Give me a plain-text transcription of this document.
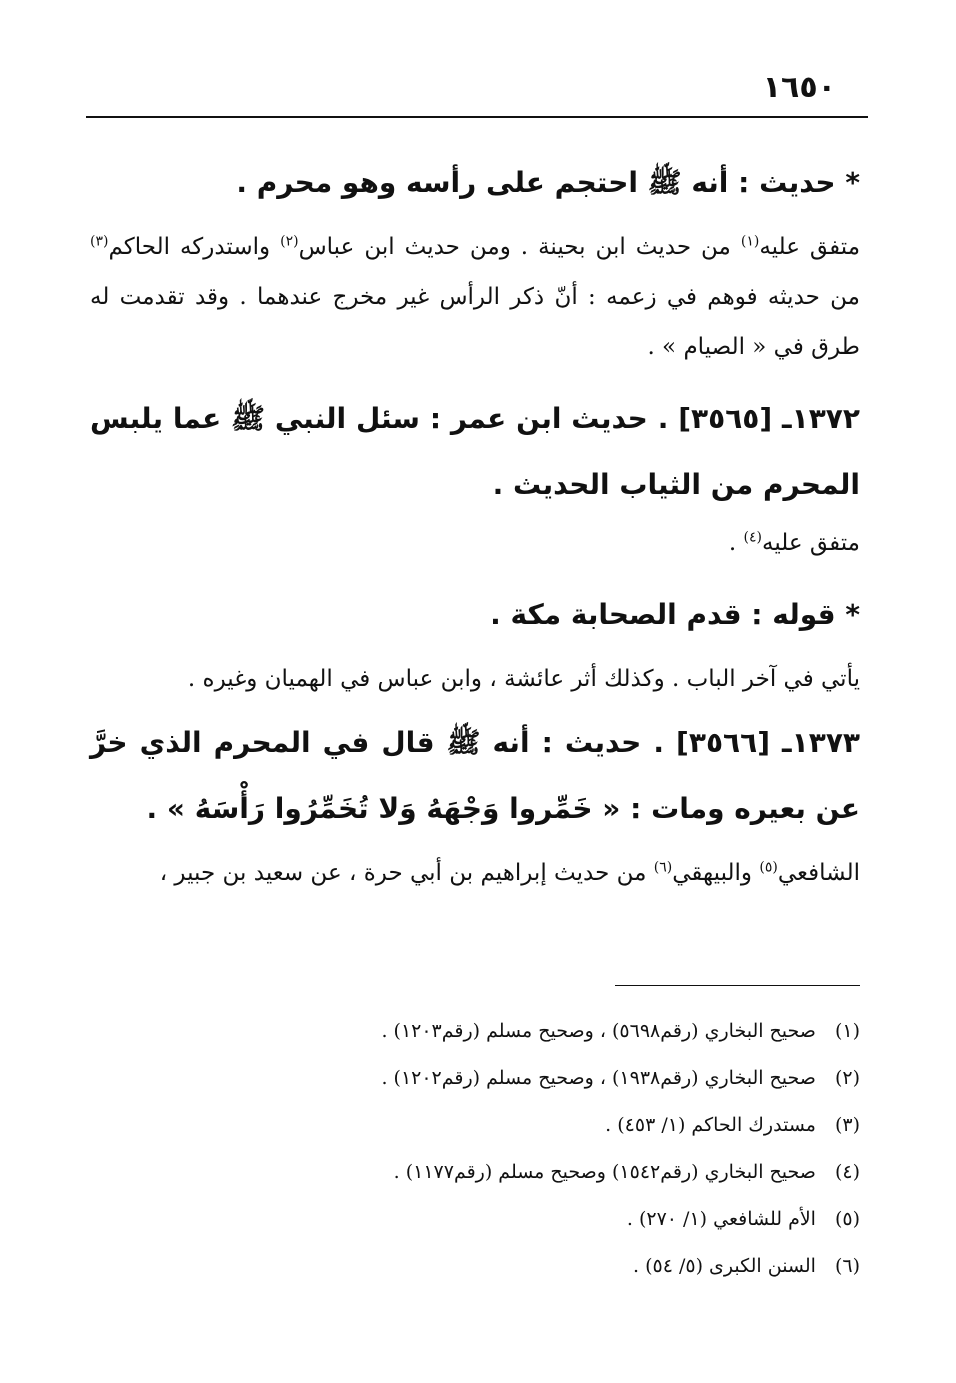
١٦٥٠

* حديث : أنه ﷺ احتجم على رأسه وهو محرم .

متفق عليه$^{(١)}$ من حديث ابن بحينة . ومن حديث ابن عباس$^{(٢)}$ واستدركه الحاكم$^{(٣)}$ من حديثه فوهم في زعمه : أنّ ذكر الرأس غير مخرج عندهما . وقد تقدمت له طرق في « الصيام » .

١٣٧٢ـ [٣٥٦٥] . حديث ابن عمر : سئل النبي ﷺ عما يلبس المحرم من الثياب الحديث .

متفق عليه$^{(٤)}$ .

* قوله : قدم الصحابة مكة .

يأتي في آخر الباب . وكذلك أثر عائشة ، وابن عباس في الهميان وغيره .

١٣٧٣ـ [٣٥٦٦] . حديث : أنه ﷺ قال في المحرم الذي خرَّ عن بعيره ومات : « خَمِّروا وَجْهَهُ وَلا تُخَمِّرُوا رَأْسَهُ » .

الشافعي$^{(٥)}$ والبيهقي$^{(٦)}$ من حديث إبراهيم بن أبي حرة ، عن سعيد بن جبير ،

(١) صحيح البخاري (رقم٥٦٩٨) ، وصحيح مسلم (رقم١٢٠٣) .
(٢) صحيح البخاري (رقم١٩٣٨) ، وصحيح مسلم (رقم١٢٠٢) .
(٣) مستدرك الحاكم (١/ ٤٥٣) .
(٤) صحيح البخاري (رقم١٥٤٢) وصحيح مسلم (رقم١١٧٧) .
(٥) الأم للشافعي (١/ ٢٧٠) .
(٦) السنن الكبرى (٥/ ٥٤) .
